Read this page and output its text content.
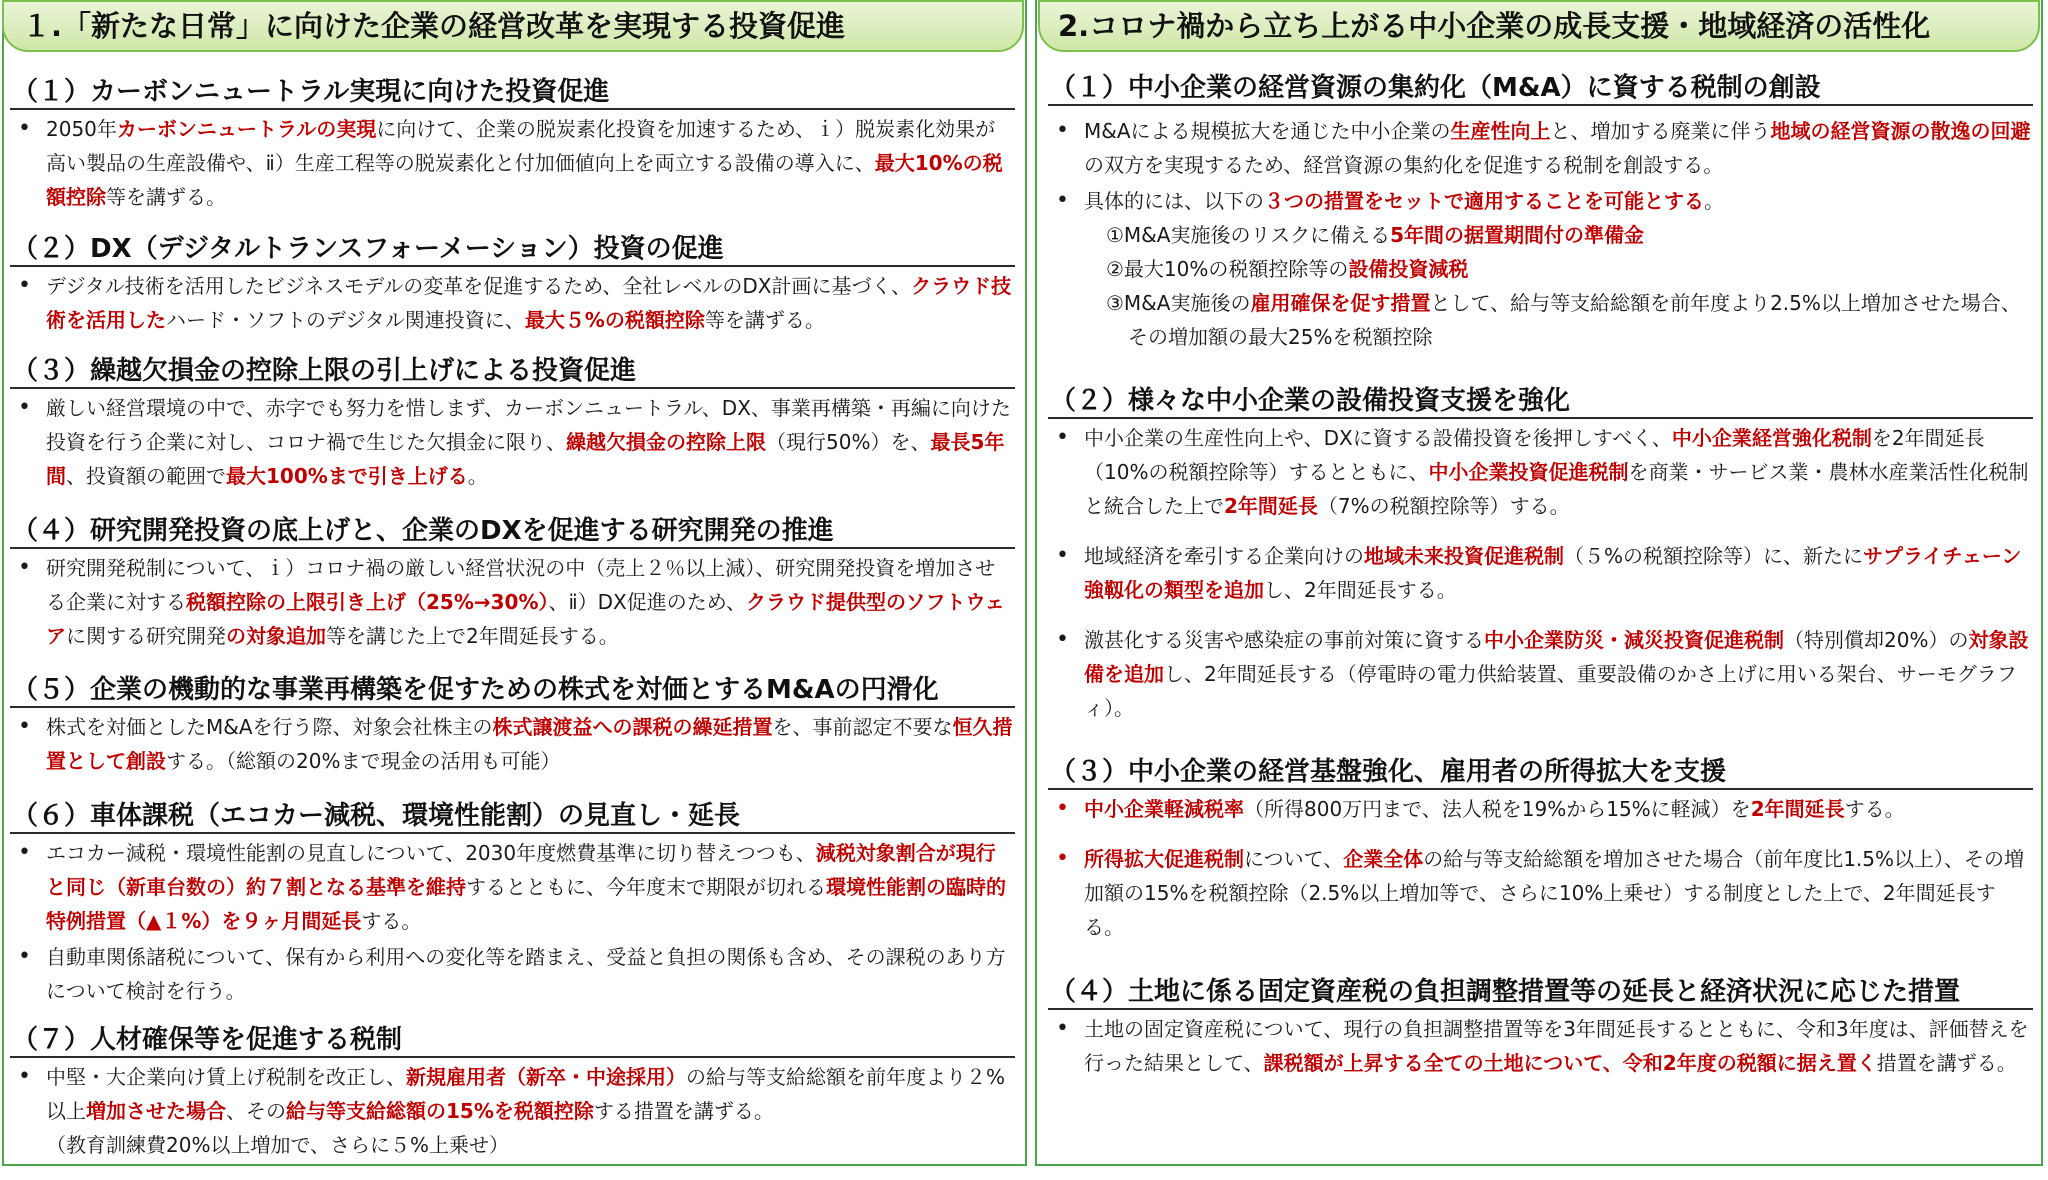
１.「新たな日常」に向けた企業の経営改革を実現する投資促進
（１）カーボンニュートラル実現に向けた投資促進
• 2050年カーボンニュートラルの実現に向けて、企業の脱炭素化投資を加速するため、ｉ）脱炭素化効果が高い製品の生産設備や、ⅱ）生産工程等の脱炭素化と付加価値向上を両立する設備の導入に、最大10%の税額控除等を講ずる。
（２）DX（デジタルトランスフォーメーション）投資の促進
• デジタル技術を活用したビジネスモデルの変革を促進するため、全社レベルのDX計画に基づく、クラウド技術を活用したハード・ソフトのデジタル関連投資に、最大５%の税額控除等を講ずる。
（３）繰越欠損金の控除上限の引上げによる投資促進
• 厳しい経営環境の中で、赤字でも努力を惜しまず、カーボンニュートラル、DX、事業再構築・再編に向けた投資を行う企業に対し、コロナ禍で生じた欠損金に限り、繰越欠損金の控除上限（現行50%）を、最長5年間、投資額の範囲で最大100%まで引き上げる。
（４）研究開発投資の底上げと、企業のDXを促進する研究開発の推進
• 研究開発税制について、ｉ）コロナ禍の厳しい経営状況の中（売上２％以上減）、研究開発投資を増加させる企業に対する税額控除の上限引き上げ（25%→30%）、ⅱ）DX促進のため、クラウド提供型のソフトウェアに関する研究開発の対象追加等を講じた上で2年間延長する。
（５）企業の機動的な事業再構築を促すための株式を対価とするM&Aの円滑化
• 株式を対価としたM&Aを行う際、対象会社株主の株式譲渡益への課税の繰延措置を、事前認定不要な恒久措置として創設する。（総額の20%まで現金の活用も可能）
（６）車体課税（エコカー減税、環境性能割）の見直し・延長
• エコカー減税・環境性能割の見直しについて、2030年度燃費基準に切り替えつつも、減税対象割合が現行と同じ（新車台数の）約７割となる基準を維持するとともに、今年度末で期限が切れる環境性能割の臨時的特例措置（▲１%）を９ヶ月間延長する。
• 自動車関係諸税について、保有から利用への変化等を踏まえ、受益と負担の関係も含め、その課税のあり方について検討を行う。
（７）人材確保等を促進する税制
• 中堅・大企業向け賃上げ税制を改正し、新規雇用者（新卒・中途採用）の給与等支給総額を前年度より２%以上増加させた場合、その給与等支給総額の15%を税額控除する措置を講ずる。
（教育訓練費20%以上増加で、さらに５%上乗せ）
2.コロナ禍から立ち上がる中小企業の成長支援・地域経済の活性化
（１）中小企業の経営資源の集約化（M&A）に資する税制の創設
• M&Aによる規模拡大を通じた中小企業の生産性向上と、増加する廃業に伴う地域の経営資源の散逸の回避の双方を実現するため、経営資源の集約化を促進する税制を創設する。
• 具体的には、以下の３つの措置をセットで適用することを可能とする。
①M&A実施後のリスクに備える5年間の据置期間付の準備金
②最大10%の税額控除等の設備投資減税
③M&A実施後の雇用確保を促す措置として、給与等支給総額を前年度より2.5%以上増加させた場合、その増加額の最大25%を税額控除
（２）様々な中小企業の設備投資支援を強化
• 中小企業の生産性向上や、DXに資する設備投資を後押しすべく、中小企業経営強化税制を2年間延長（10%の税額控除等）するとともに、中小企業投資促進税制を商業・サービス業・農林水産業活性化税制と統合した上で2年間延長（7%の税額控除等）する。
• 地域経済を牽引する企業向けの地域未来投資促進税制（５%の税額控除等）に、新たにサプライチェーン強靱化の類型を追加し、2年間延長する。
• 激甚化する災害や感染症の事前対策に資する中小企業防災・減災投資促進税制（特別償却20%）の対象設備を追加し、2年間延長する（停電時の電力供給装置、重要設備のかさ上げに用いる架台、サーモグラフィ）。
（３）中小企業の経営基盤強化、雇用者の所得拡大を支援
• 中小企業軽減税率（所得800万円まで、法人税を19%から15%に軽減）を2年間延長する。
• 所得拡大促進税制について、企業全体の給与等支給総額を増加させた場合（前年度比1.5%以上）、その増加額の15%を税額控除（2.5%以上増加等で、さらに10%上乗せ）する制度とした上で、2年間延長する。
（４）土地に係る固定資産税の負担調整措置等の延長と経済状況に応じた措置
• 土地の固定資産税について、現行の負担調整措置等を3年間延長するとともに、令和3年度は、評価替えを行った結果として、課税額が上昇する全ての土地について、令和2年度の税額に据え置く措置を講ずる。
